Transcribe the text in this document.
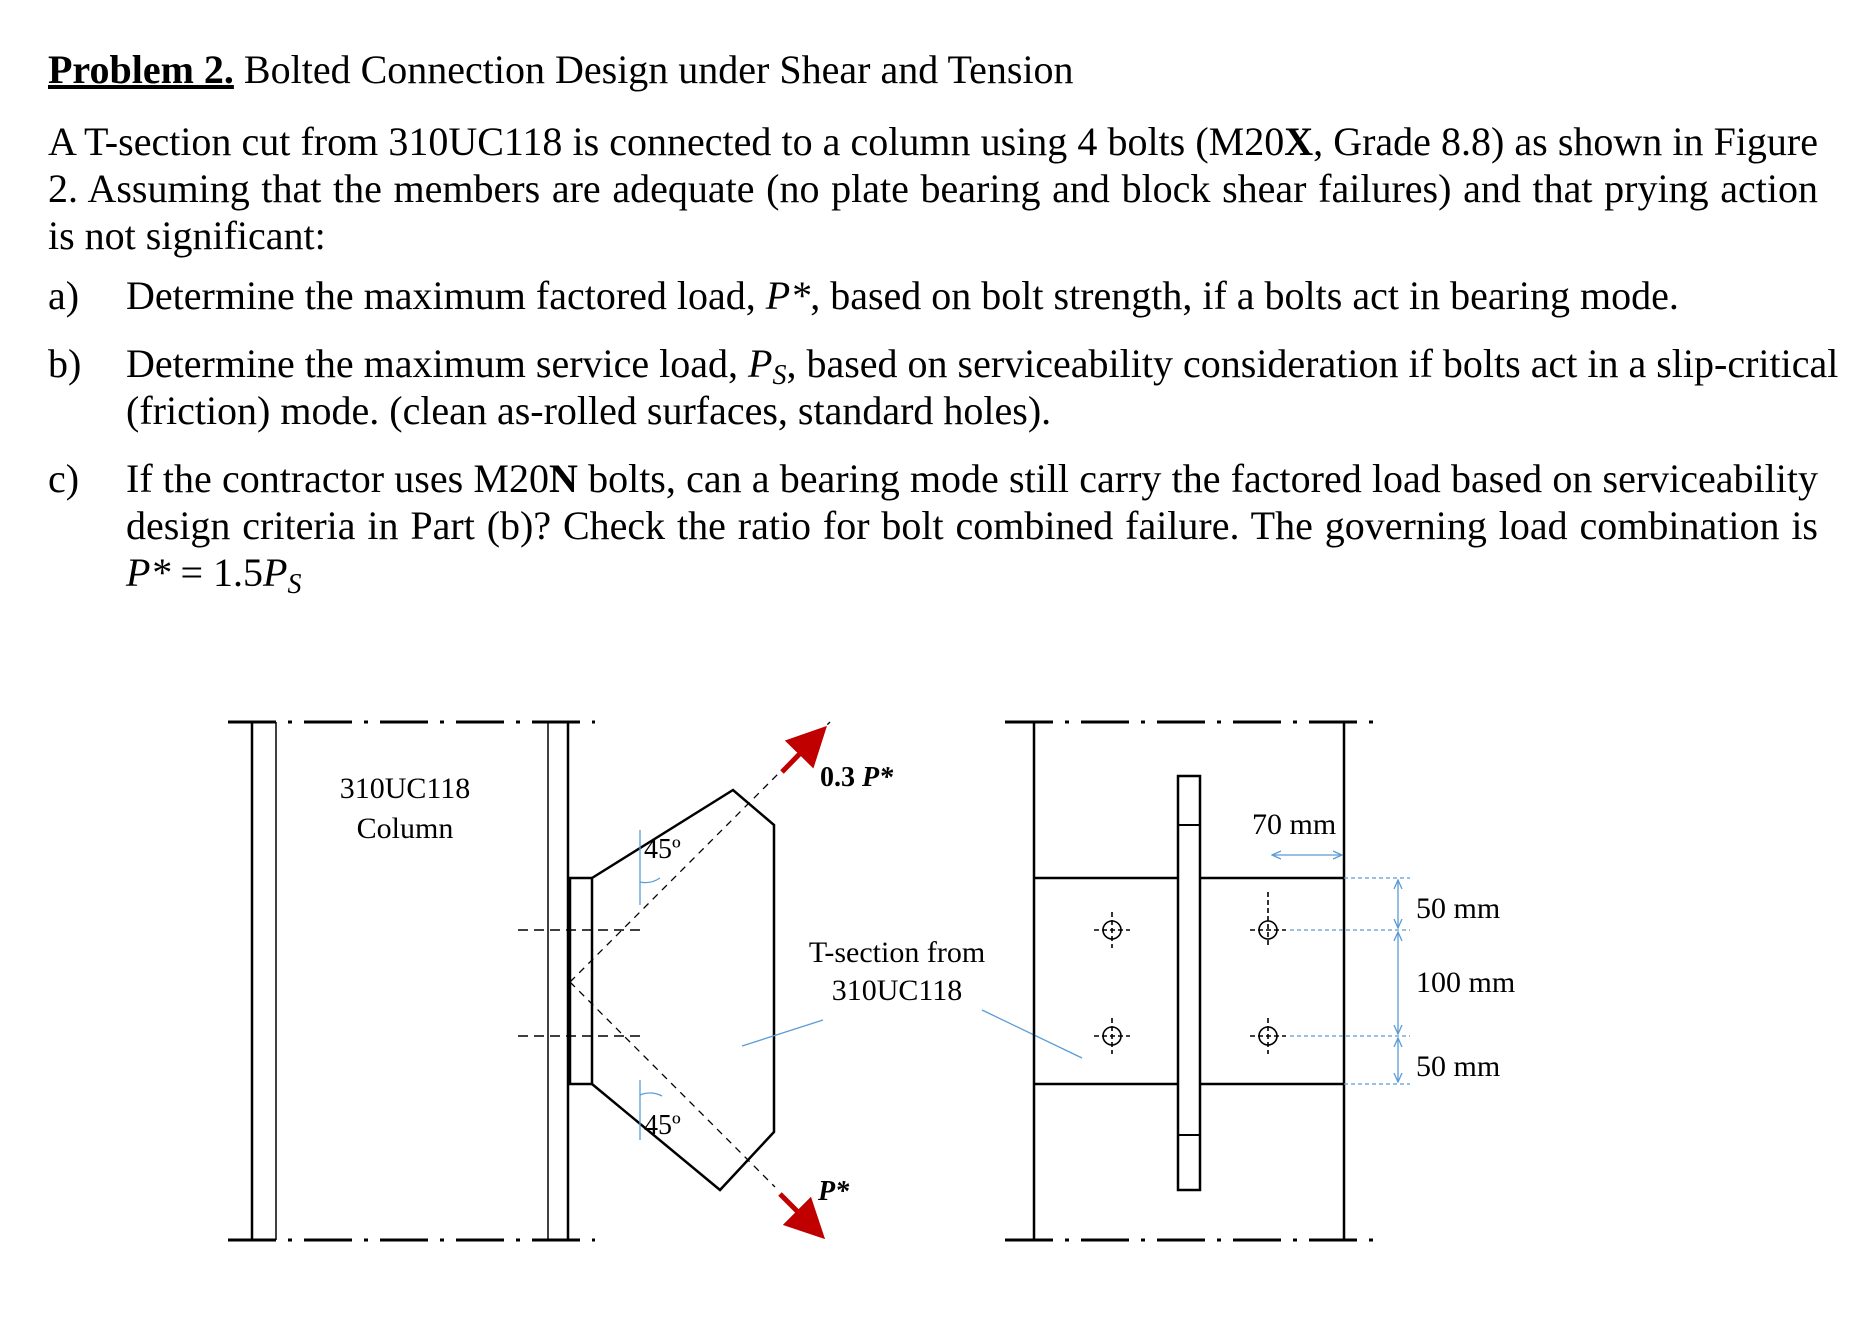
Problem 2. Bolted Connection Design under Shear and Tension
A T-section cut from 310UC118 is connected to a column using 4 bolts (M20X, Grade 8.8) as shown in Figure
2. Assuming that the members are adequate (no plate bearing and block shear failures) and that prying action
is not significant:
a) Determine the maximum factored load, P*, based on bolt strength, if a bolts act in bearing mode.
b) Determine the maximum service load, $P_S$, based on serviceability consideration if bolts act in a slip-critical
(friction) mode. (clean as-rolled surfaces, standard holes).
c) If the contractor uses M20N bolts, can a bearing mode still carry the factored load based on serviceability
design criteria in Part (b)? Check the ratio for bolt combined failure. The governing load combination is
$P* = 1.5P_S$
310UC118
Column
45º
45º
0.3 P*
P*
T-section from
310UC118
70 mm
50 mm
100 mm
50 mm
